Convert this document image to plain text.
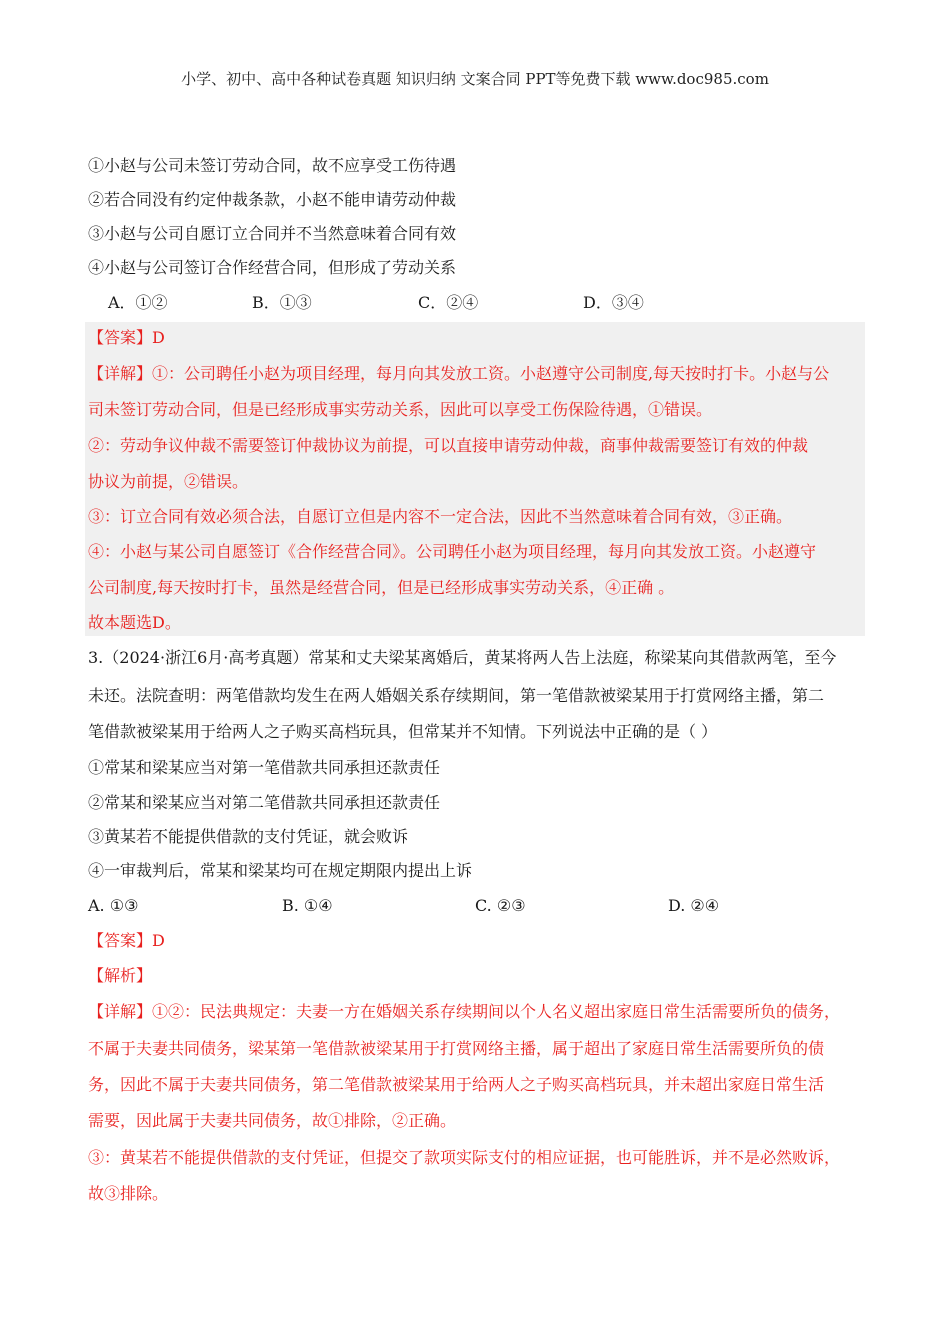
小学、初中、高中各种试卷真题 知识归纳 文案合同 PPT等免费下载 www.doc985.com
①小赵与公司未签订劳动合同，故不应享受工伤待遇
②若合同没有约定仲裁条款，小赵不能申请劳动仲裁
③小赵与公司自愿订立合同并不当然意味着合同有效
④小赵与公司签订合作经营合同，但形成了劳动关系
A．①②	B．①③	C．②④	D．③④
【答案】D
【详解】①：公司聘任小赵为项目经理，每月向其发放工资。小赵遵守公司制度,每天按时打卡。小赵与公
司未签订劳动合同，但是已经形成事实劳动关系，因此可以享受工伤保险待遇，①错误。
②：劳动争议仲裁不需要签订仲裁协议为前提，可以直接申请劳动仲裁，商事仲裁需要签订有效的仲裁
协议为前提，②错误。
③：订立合同有效必须合法，自愿订立但是内容不一定合法，因此不当然意味着合同有效，③正确。
④：小赵与某公司自愿签订《合作经营合同》。公司聘任小赵为项目经理，每月向其发放工资。小赵遵守
公司制度,每天按时打卡，虽然是经营合同，但是已经形成事实劳动关系，④正确 。
故本题选D。
3.（2024·浙江6月·高考真题）常某和丈夫梁某离婚后，黄某将两人告上法庭，称梁某向其借款两笔，至今
未还。法院查明：两笔借款均发生在两人婚姻关系存续期间，第一笔借款被梁某用于打赏网络主播，第二
笔借款被梁某用于给两人之子购买高档玩具，但常某并不知情。下列说法中正确的是（ ）
①常某和梁某应当对第一笔借款共同承担还款责任
②常某和梁某应当对第二笔借款共同承担还款责任
③黄某若不能提供借款的支付凭证，就会败诉
④一审裁判后，常某和梁某均可在规定期限内提出上诉
A. ①③	B. ①④	C. ②③	D. ②④
【答案】D
【解析】
【详解】①②：民法典规定：夫妻一方在婚姻关系存续期间以个人名义超出家庭日常生活需要所负的债务，
不属于夫妻共同债务，梁某第一笔借款被梁某用于打赏网络主播，属于超出了家庭日常生活需要所负的债
务，因此不属于夫妻共同债务，第二笔借款被梁某用于给两人之子购买高档玩具，并未超出家庭日常生活
需要，因此属于夫妻共同债务，故①排除，②正确。
③：黄某若不能提供借款的支付凭证，但提交了款项实际支付的相应证据，也可能胜诉，并不是必然败诉，
故③排除。
